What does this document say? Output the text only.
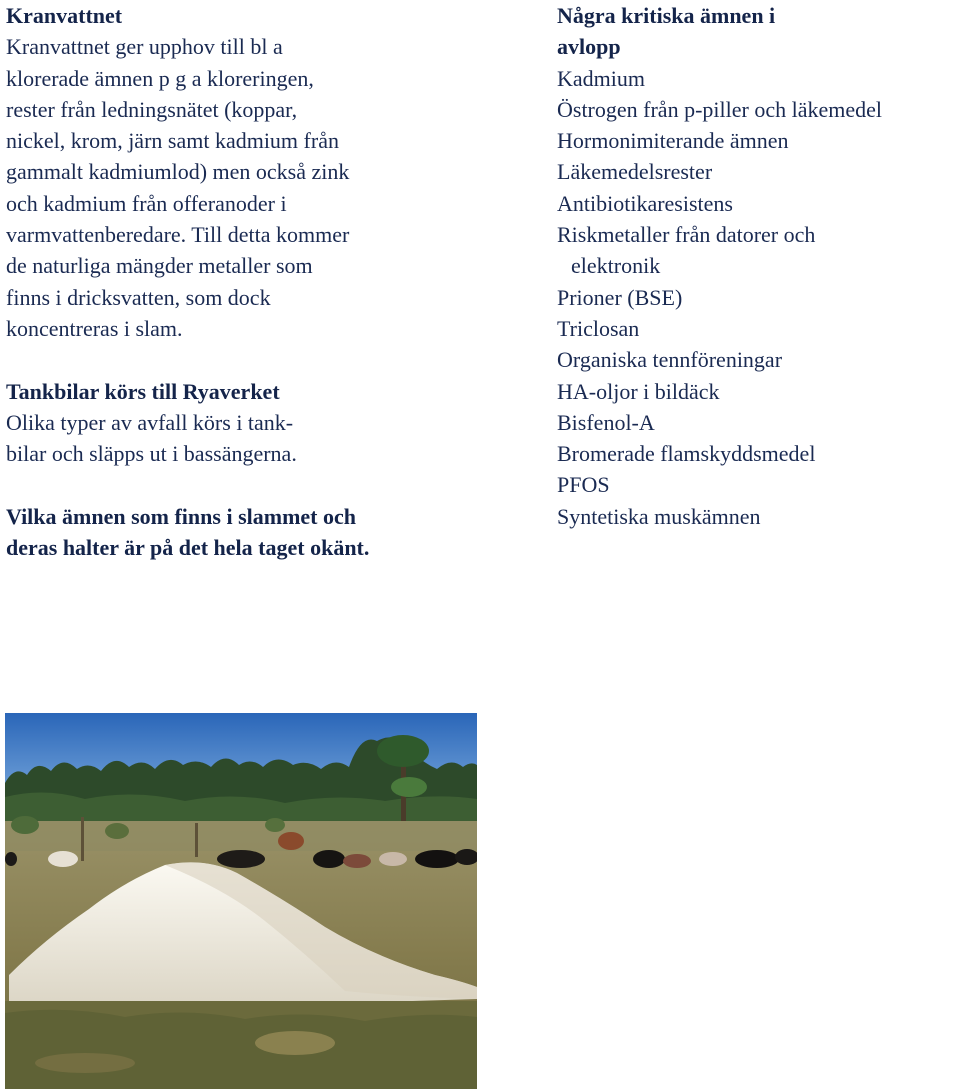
Kranvattnet
Kranvattnet ger upphov till bl a
klorerade ämnen p g a kloreringen,
rester från ledningsnätet (koppar,
nickel, krom, järn samt kadmium från
gammalt kadmiumlod) men också zink
och kadmium från offeranoder i
varmvattenberedare. Till detta kommer
de naturliga mängder metaller som
finns i dricksvatten, som dock
koncentreras i slam.
Tankbilar körs till Ryaverket
Olika typer av avfall körs i tank-
bilar och släpps ut i bassängerna.
Vilka ämnen som finns i slammet och
deras halter är på det hela taget okänt.
Några kritiska ämnen i
avlopp
Kadmium
Östrogen från p-piller och läkemedel
Hormonimiterande ämnen
Läkemedelsrester
Antibiotikaresistens
Riskmetaller från datorer och
elektronik
Prioner (BSE)
Triclosan
Organiska tennföreningar
HA-oljor i bildäck
Bisfenol-A
Bromerade flamskyddsmedel
PFOS
Syntetiska muskämnen
